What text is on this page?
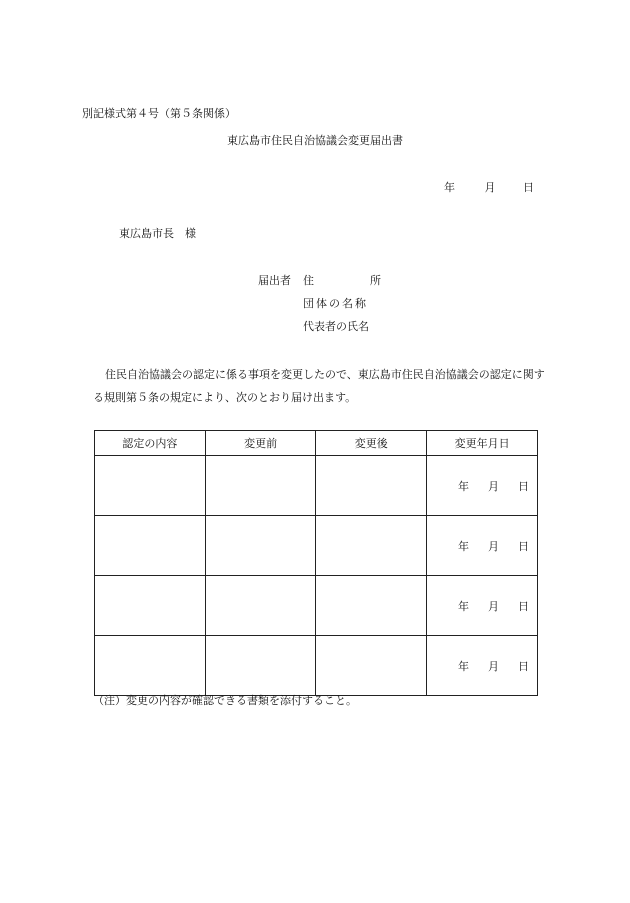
別記様式第４号（第５条関係）
東広島市住民自治協議会変更届出書
年	月	日
東広島市長　様
届出者 住	所
団体の名称
代表者の氏名
住民自治協議会の認定に係る事項を変更したので、東広島市住民自治協議会の認定に関する規則第５条の規定により、次のとおり届け出ます。
認定の内容	変更前	変更後	変更年月日
			年 月 日
			年 月 日
			年 月 日
			年 月 日
（注）変更の内容が確認できる書類を添付すること。
